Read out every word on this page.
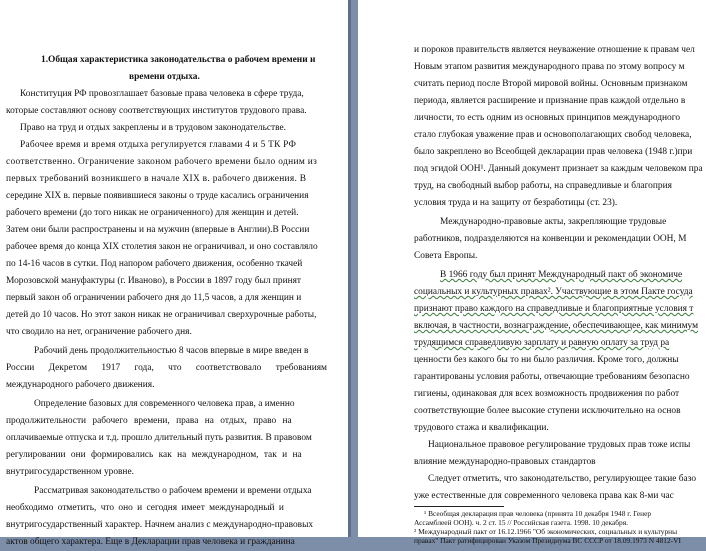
1.Общая характеристика законодательства о рабочем времени и
времени отдыха.
Конституция РФ провозглашает базовые права человека в сфере труда,
которые составляют основу соответствующих институтов трудового права.
Право на труд и отдых закреплены и в трудовом законодательстве.
Рабочее время и время отдыха регулируется главами 4 и 5 ТК РФ
соответственно. Ограничение законом рабочего времени было одним из
первых требований возникшего в начале XIX в. рабочего движения. В
середине XIX в. первые появившиеся законы о труде касались ограничения
рабочего времени (до того никак не ограниченного) для женщин и детей.
Затем они были распространены и на мужчин (впервые в Англии).В России
рабочее время до конца XIX столетия закон не ограничивал, и оно составляло
по 14-16 часов в сутки. Под напором рабочего движения, особенно ткачей
Морозовской мануфактуры (г. Иваново), в России в 1897 году был принят
первый закон об ограничении рабочего дня до 11,5 часов, а для женщин и
детей до 10 часов. Но этот закон никак не ограничивал сверхурочные работы,
что сводило на нет, ограничение рабочего дня.
Рабочий день продолжительностью 8 часов впервые в мире введен в
России Декретом 1917 года, что соответствовало требованиям
международного рабочего движения.
Определение базовых для современного человека прав, а именно
продолжительности рабочего времени, права на отдых, право на
оплачиваемые отпуска и т.д. прошло длительный путь развития. В правовом
регулировании они формировались как на международном, так и на
внутригосударственном уровне.
Рассматривая законодательство о рабочем времени и времени отдыха
необходимо отметить, что оно и сегодня имеет международный и
внутригосударственный характер. Начнем анализ с международно-правовых
актов общего характера. Еще в Декларации прав человека и гражданина
и пороков правительств является неуважение отношение к правам чел
Новым этапом развития международного права по этому вопросу м
считать период после Второй мировой войны. Основным признаком
периода, является расширение и признание прав каждой отдельно в
личности, то есть одним из основных принципов международного
стало глубокая уважение прав и основополагающих свобод человека,
было закреплено во Всеобщей декларации прав человека (1948 г.)при
под эгидой ООН¹. Данный документ признает за каждым человеком пра
труд, на свободный выбор работы, на справедливые и благоприя
условия труда и на защиту от безработицы (ст. 23).
Международно-правовые акты, закрепляющие трудовые
работников, подразделяются на конвенции и рекомендации ООН, М
Совета Европы.
В 1966 году был принят Международный пакт об экономиче
социальных и культурных правах². Участвующие в этом Пакте госуда
признают право каждого на справедливые и благоприятные условия т
включая, в частности, вознаграждение, обеспечивающее, как минимум
трудящимся справедливую зарплату и равную оплату за труд ра
ценности без какого бы то ни было различия. Кроме того, должны
гарантированы условия работы, отвечающие требованиям безопасно
гигиены, одинаковая для всех возможность продвижения по работ
соответствующие более высокие ступени исключительно на основ
трудового стажа и квалификации.
Национальное правовое регулирование трудовых прав тоже испы
влияние международно-правовых стандартов
Следует отметить, что законодательство, регулирующее такие базо
уже естественные для современного человека права как 8-ми час
¹ Всеобщая декларация прав человека (принята 10 декабря 1948 г. Генер
Ассамблеей ООН). ч. 2 ст. 15 // Российская газета. 1998. 10 декабря.
² Международный пакт от 16.12.1966 "Об экономических, социальных и культурны
правах" Пакт ратифицирован Указом Президиума ВС СССР от 18.09.1973 N 4812-VI
